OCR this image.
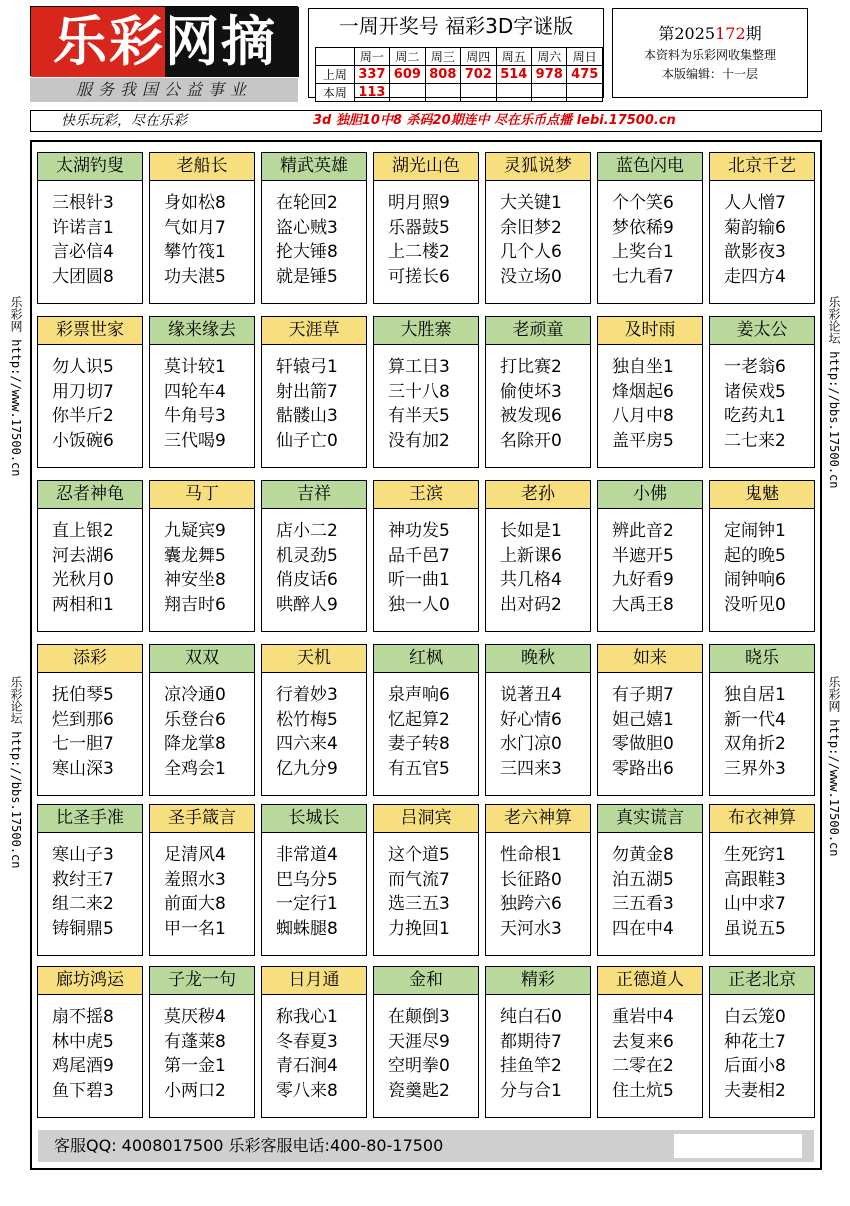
乐彩网摘
服务我国公益事业
一周开奖号 福彩3D字谜版
	周一	周二	周三	周四	周五	周六	周日
上周	337	609	808	702	514	978	475
本周	113						
第2025172期
本资料为乐彩网收集整理
本版编辑：十一层
快乐玩彩，尽在乐彩	3d 独胆10中8 杀码20期连中 尽在乐币点播 lebi.17500.cn
乐彩网 http://www.17500.cn
乐彩论坛 http://bbs.17500.cn
乐彩论坛 http://bbs.17500.cn
乐彩网 http://www.17500.cn
太湖钓叟
三根针3
许诺言1
言必信4
大团圆8
老船长
身如松8
气如月7
攀竹筏1
功夫湛5
精武英雄
在轮回2
盗心贼3
抡大锤8
就是锤5
湖光山色
明月照9
乐器鼓5
上二楼2
可搓长6
灵狐说梦
大关键1
余旧梦2
几个人6
没立场0
蓝色闪电
个个笑6
梦依稀9
上奖台1
七九看7
北京千艺
人人憎7
菊韵输6
歆影夜3
走四方4
彩票世家
勿人识5
用刀切7
你半斤2
小饭碗6
缘来缘去
莫计较1
四轮车4
牛角号3
三代喝9
天涯草
轩辕弓1
射出箭7
骷髅山3
仙子亡0
大胜寨
算工日3
三十八8
有半天5
没有加2
老顽童
打比赛2
偷使坏3
被发现6
名除开0
及时雨
独自坐1
烽烟起6
八月中8
盖平房5
姜太公
一老翁6
诸侯戏5
吃药丸1
二七来2
忍者神龟
直上银2
河去湖6
光秋月0
两相和1
马丁
九疑宾9
囊龙舞5
神安坐8
翔吉时6
吉祥
店小二2
机灵劲5
俏皮话6
哄醉人9
王滨
神功发5
品千邑7
听一曲1
独一人0
老孙
长如是1
上新课6
共几格4
出对码2
小佛
辨此音2
半遮开5
九好看9
大禹王8
鬼魅
定闹钟1
起的晚5
闹钟响6
没听见0
添彩
抚伯琴5
烂到那6
七一胆7
寒山深3
双双
凉冷通0
乐登台6
降龙掌8
全鸡会1
天机
行着妙3
松竹梅5
四六来4
亿九分9
红枫
泉声响6
忆起算2
妻子转8
有五官5
晚秋
说著丑4
好心情6
水门凉0
三四来3
如来
有子期7
妲己嬉1
零做胆0
零路出6
晓乐
独自居1
新一代4
双角折2
三界外3
比圣手准
寒山子3
救纣王7
组二来2
铸铜鼎5
圣手箴言
足清风4
羞照水3
前面大8
甲一名1
长城长
非常道4
巴乌分5
一定行1
蜘蛛腿8
吕洞宾
这个道5
而气流7
选三五3
力挽回1
老六神算
性命根1
长征路0
独跨六6
天河水3
真实谎言
勿黄金8
泊五湖5
三五看3
四在中4
布衣神算
生死窍1
高跟鞋3
山中求7
虽说五5
廊坊鸿运
扇不摇8
林中虎5
鸡尾酒9
鱼下碧3
子龙一句
莫厌秽4
有蓬莱8
第一金1
小两口2
日月通
称我心1
冬春夏3
青石涧4
零八来8
金和
在颠倒3
天涯尽9
空明拳0
瓷羹匙2
精彩
纯白石0
都期待7
挂鱼竿2
分与合1
正德道人
重岩中4
去复来6
二零在2
住土炕5
正老北京
白云笼0
种花土7
后面小8
夫妻相2
客服QQ: 4008017500 乐彩客服电话:400-80-17500
